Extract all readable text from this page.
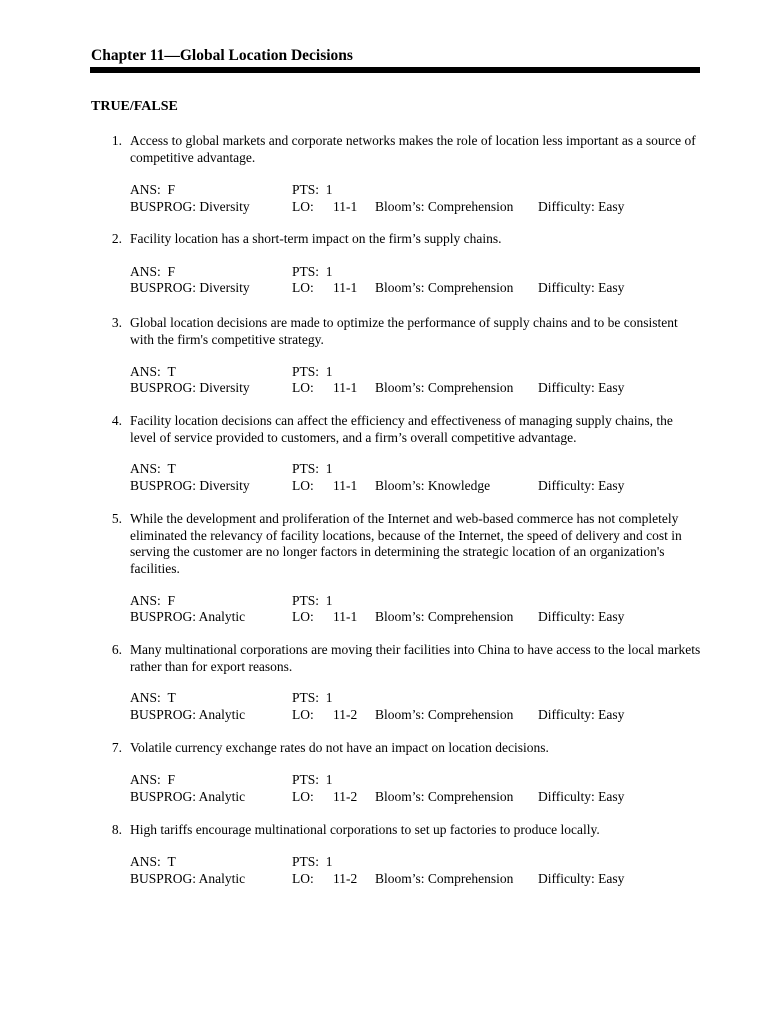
Chapter 11—Global Location Decisions
TRUE/FALSE
1. Access to global markets and corporate networks makes the role of location less important as a source of competitive advantage.
ANS: F	PTS: 1
BUSPROG: Diversity	LO: 11-1 Bloom’s: Comprehension Difficulty: Easy
2. Facility location has a short-term impact on the firm’s supply chains.
ANS: F	PTS: 1
BUSPROG: Diversity	LO: 11-1 Bloom’s: Comprehension Difficulty: Easy
3. Global location decisions are made to optimize the performance of supply chains and to be consistent with the firm's competitive strategy.
ANS: T	PTS: 1
BUSPROG: Diversity	LO: 11-1 Bloom’s: Comprehension Difficulty: Easy
4. Facility location decisions can affect the efficiency and effectiveness of managing supply chains, the level of service provided to customers, and a firm’s overall competitive advantage.
ANS: T	PTS: 1
BUSPROG: Diversity	LO: 11-1 Bloom’s: Knowledge	Difficulty: Easy
5. While the development and proliferation of the Internet and web-based commerce has not completely eliminated the relevancy of facility locations, because of the Internet, the speed of delivery and cost in serving the customer are no longer factors in determining the strategic location of an organization's facilities.
ANS: F	PTS: 1
BUSPROG: Analytic	LO: 11-1 Bloom’s: Comprehension Difficulty: Easy
6. Many multinational corporations are moving their facilities into China to have access to the local markets rather than for export reasons.
ANS: T	PTS: 1
BUSPROG: Analytic	LO: 11-2 Bloom’s: Comprehension Difficulty: Easy
7. Volatile currency exchange rates do not have an impact on location decisions.
ANS: F	PTS: 1
BUSPROG: Analytic	LO: 11-2 Bloom’s: Comprehension Difficulty: Easy
8. High tariffs encourage multinational corporations to set up factories to produce locally.
ANS: T	PTS: 1
BUSPROG: Analytic	LO: 11-2 Bloom’s: Comprehension Difficulty: Easy
